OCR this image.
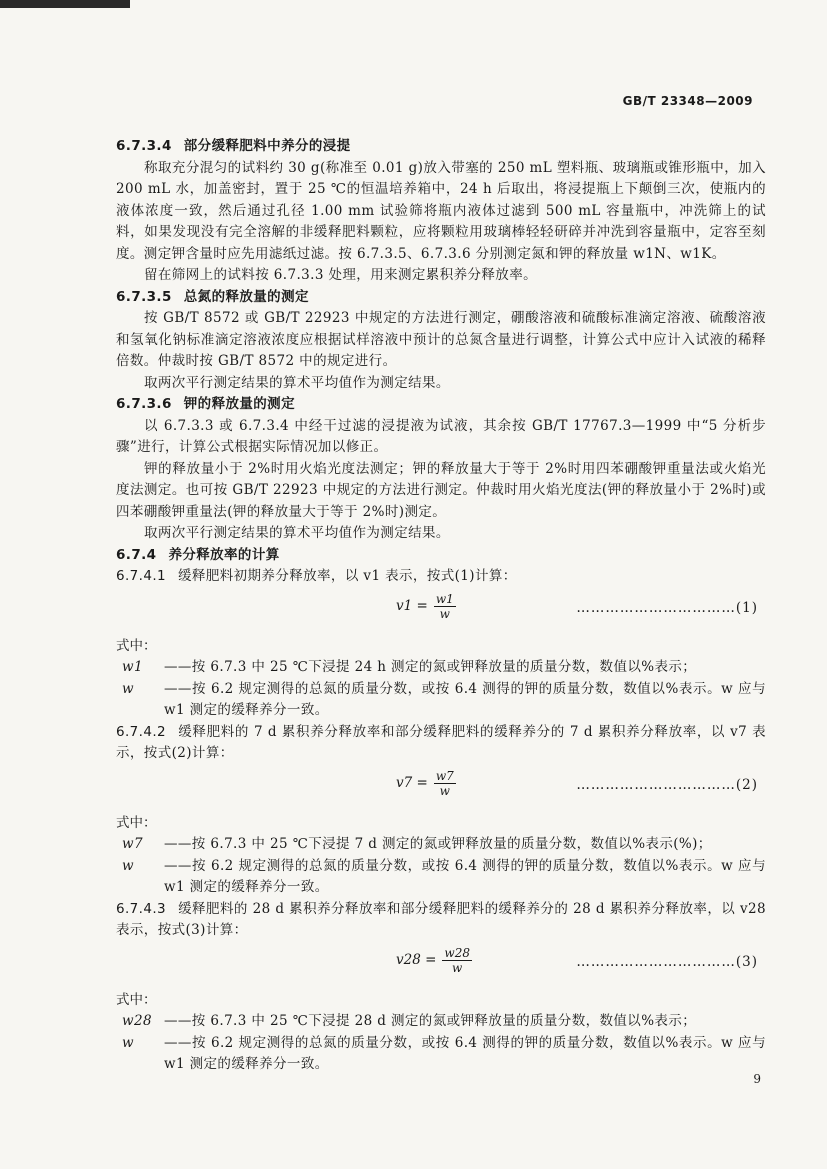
GB/T 23348—2009
6.7.3.4 部分缓释肥料中养分的浸提

称取充分混匀的试料约 30 g(称准至 0.01 g)放入带塞的 250 mL 塑料瓶、玻璃瓶或锥形瓶中，加入 200 mL 水，加盖密封，置于 25 ℃的恒温培养箱中，24 h 后取出，将浸提瓶上下颠倒三次，使瓶内的液体浓度一致，然后通过孔径 1.00 mm 试验筛将瓶内液体过滤到 500 mL 容量瓶中，冲洗筛上的试料，如果发现没有完全溶解的非缓释肥料颗粒，应将颗粒用玻璃棒轻轻研碎并冲洗到容量瓶中，定容至刻度。测定钾含量时应先用滤纸过滤。按 6.7.3.5、6.7.3.6 分别测定氮和钾的释放量 w1N、w1K。

留在筛网上的试料按 6.7.3.3 处理，用来测定累积养分释放率。

6.7.3.5 总氮的释放量的测定

按 GB/T 8572 或 GB/T 22923 中规定的方法进行测定，硼酸溶液和硫酸标准滴定溶液、硫酸溶液和氢氧化钠标准滴定溶液浓度应根据试样溶液中预计的总氮含量进行调整，计算公式中应计入试液的稀释倍数。仲裁时按 GB/T 8572 中的规定进行。

取两次平行测定结果的算术平均值作为测定结果。

6.7.3.6 钾的释放量的测定

以 6.7.3.3 或 6.7.3.4 中经干过滤的浸提液为试液，其余按 GB/T 17767.3—1999 中“5 分析步骤”进行，计算公式根据实际情况加以修正。

钾的释放量小于 2%时用火焰光度法测定；钾的释放量大于等于 2%时用四苯硼酸钾重量法或火焰光度法测定。也可按 GB/T 22923 中规定的方法进行测定。仲裁时用火焰光度法(钾的释放量小于 2%时)或四苯硼酸钾重量法(钾的释放量大于等于 2%时)测定。

取两次平行测定结果的算术平均值作为测定结果。

6.7.4 养分释放率的计算

6.7.4.1 缓释肥料初期养分释放率，以 v1 表示，按式(1)计算：

$v1 = \frac{w1}{w}$	……………………………(1)
式中：
w1	——按 6.7.3 中 25 ℃下浸提 24 h 测定的氮或钾释放量的质量分数，数值以%表示；
w	——按 6.2 规定测得的总氮的质量分数，或按 6.4 测得的钾的质量分数，数值以%表示。w 应与 w1 测定的缓释养分一致。

6.7.4.2 缓释肥料的 7 d 累积养分释放率和部分缓释肥料的缓释养分的 7 d 累积养分释放率，以 v7 表示，按式(2)计算：

$v7 = \frac{w7}{w}$	……………………………(2)
式中：
w7	——按 6.7.3 中 25 ℃下浸提 7 d 测定的氮或钾释放量的质量分数，数值以%表示(%)；
w	——按 6.2 规定测得的总氮的质量分数，或按 6.4 测得的钾的质量分数，数值以%表示。w 应与 w1 测定的缓释养分一致。

6.7.4.3 缓释肥料的 28 d 累积养分释放率和部分缓释肥料的缓释养分的 28 d 累积养分释放率，以 v28 表示，按式(3)计算：

$v28 = \frac{w28}{w}$	……………………………(3)
式中：
w28 ——按 6.7.3 中 25 ℃下浸提 28 d 测定的氮或钾释放量的质量分数，数值以%表示；
w	——按 6.2 规定测得的总氮的质量分数，或按 6.4 测得的钾的质量分数，数值以%表示。w 应与 w1 测定的缓释养分一致。
9
